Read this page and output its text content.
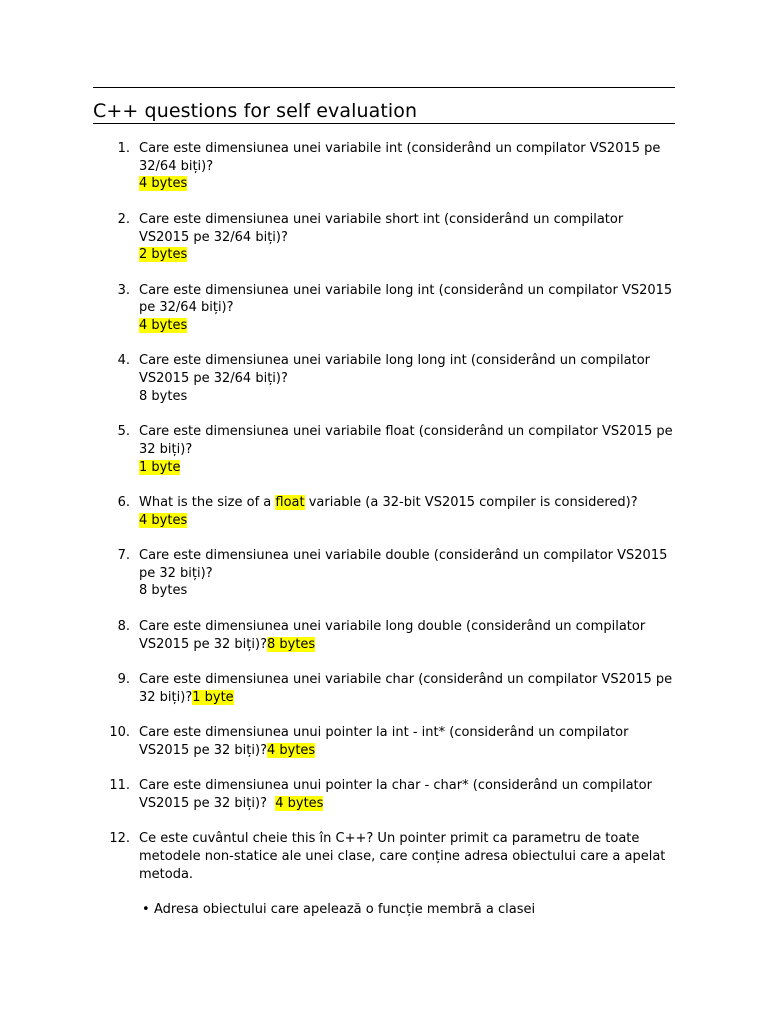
C++ questions for self evaluation
1. Care este dimensiunea unei variabile int (considerând un compilator VS2015 pe 32/64 biți)?
4 bytes
2. Care este dimensiunea unei variabile short int (considerând un compilator VS2015 pe 32/64 biți)?
2 bytes
3. Care este dimensiunea unei variabile long int (considerând un compilator VS2015 pe 32/64 biți)?
4 bytes
4. Care este dimensiunea unei variabile long long int (considerând un compilator VS2015 pe 32/64 biți)?
8 bytes
5. Care este dimensiunea unei variabile float (considerând un compilator VS2015 pe 32 biți)?
1 byte
6. What is the size of a float variable (a 32-bit VS2015 compiler is considered)?
4 bytes
7. Care este dimensiunea unei variabile double (considerând un compilator VS2015 pe 32 biți)?
8 bytes
8. Care este dimensiunea unei variabile long double (considerând un compilator VS2015 pe 32 biți)?8 bytes
9. Care este dimensiunea unei variabile char (considerând un compilator VS2015 pe 32 biți)?1 byte
10. Care este dimensiunea unui pointer la int - int* (considerând un compilator VS2015 pe 32 biți)?4 bytes
11. Care este dimensiunea unui pointer la char - char* (considerând un compilator VS2015 pe 32 biți)?  4 bytes
12. Ce este cuvântul cheie this în C++? Un pointer primit ca parametru de toate metodele non-statice ale unei clase, care conține adresa obiectului care a apelat metoda.
• Adresa obiectului care apelează o funcție membră a clasei
